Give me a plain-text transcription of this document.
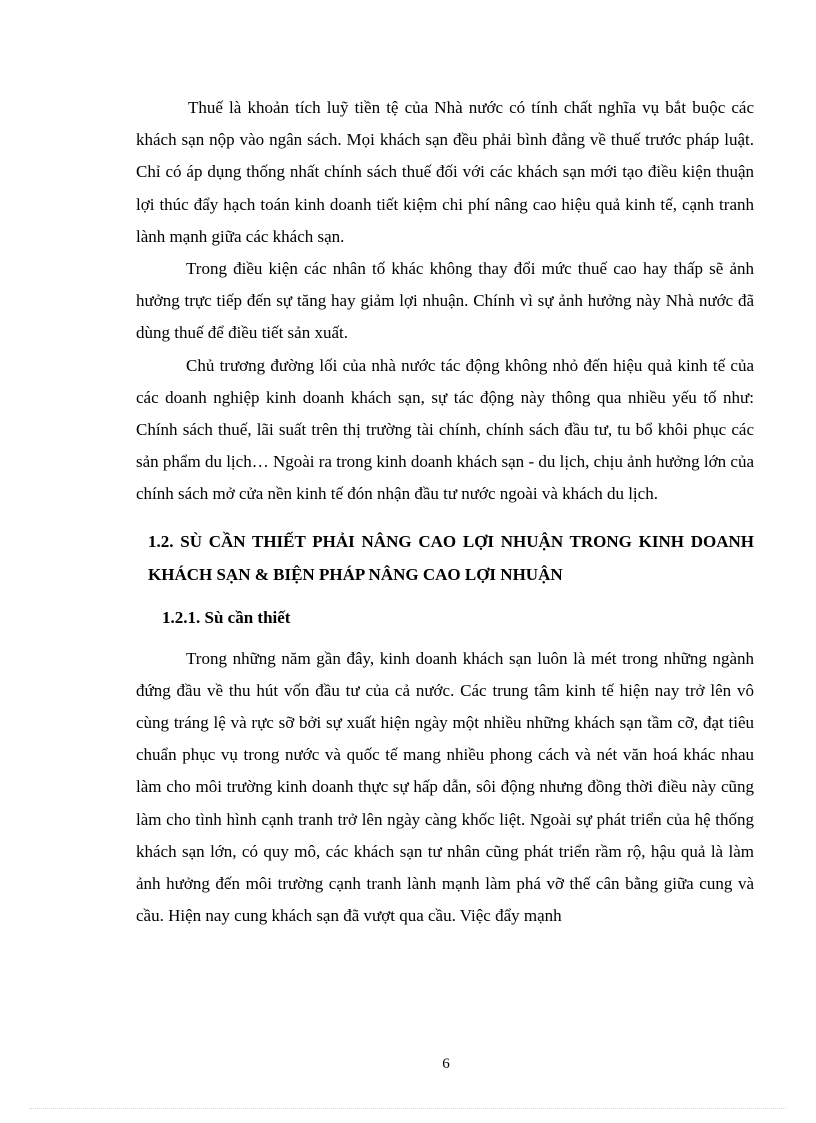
Thuế là khoản tích luỹ tiền tệ của Nhà nước có tính chất nghĩa vụ bắt buộc các khách sạn nộp vào ngân sách. Mọi khách sạn đều phải bình đẳng về thuế trước pháp luật. Chỉ có áp dụng thống nhất chính sách thuế đối với các khách sạn mới tạo điều kiện thuận lợi thúc đẩy hạch toán kinh doanh tiết kiệm chi phí nâng cao hiệu quả kinh tế, cạnh tranh lành mạnh giữa các khách sạn.

Trong điều kiện các nhân tố khác không thay đổi mức thuế cao hay thấp sẽ ảnh hưởng trực tiếp đến sự tăng hay giảm lợi nhuận. Chính vì sự ảnh hưởng này Nhà nước đã dùng thuế để điều tiết sản xuất.

Chủ trương đường lối của nhà nước tác động không nhỏ đến hiệu quả kinh tế của các doanh nghiệp kinh doanh khách sạn, sự tác động này thông qua nhiều yếu tố như: Chính sách thuế, lãi suất trên thị trường tài chính, chính sách đầu tư, tu bổ khôi phục các sản phẩm du lịch… Ngoài ra trong kinh doanh khách sạn - du lịch, chịu ảnh hưởng lớn của chính sách mở cửa nền kinh tế đón nhận đầu tư nước ngoài và khách du lịch.

1.2. SÙ CẦN THIẾT PHẢI NÂNG CAO LỢI NHUẬN TRONG KINH DOANH KHÁCH SẠN & BIỆN PHÁP NÂNG CAO LỢI NHUẬN
1.2.1. Sù cần thiết

Trong những năm gần đây, kinh doanh khách sạn luôn là mét trong những ngành đứng đầu về thu hút vốn đầu tư của cả nước. Các trung tâm kinh tế hiện nay trở lên vô cùng tráng lệ và rực sỡ bởi sự xuất hiện ngày một nhiều những khách sạn tầm cỡ, đạt tiêu chuẩn phục vụ trong nước và quốc tế mang nhiều phong cách và nét văn hoá khác nhau làm cho môi trường kinh doanh thực sự hấp dẫn, sôi động nhưng đồng thời điều này cũng làm cho tình hình cạnh tranh trở lên ngày càng khốc liệt. Ngoài sự phát triển của hệ thống khách sạn lớn, có quy mô, các khách sạn tư nhân cũng phát triển rầm rộ, hậu quả là làm ảnh hưởng đến môi trường cạnh tranh lành mạnh làm phá vỡ thế cân bằng giữa cung và cầu. Hiện nay cung khách sạn đã vượt qua cầu. Việc đẩy mạnh

6
